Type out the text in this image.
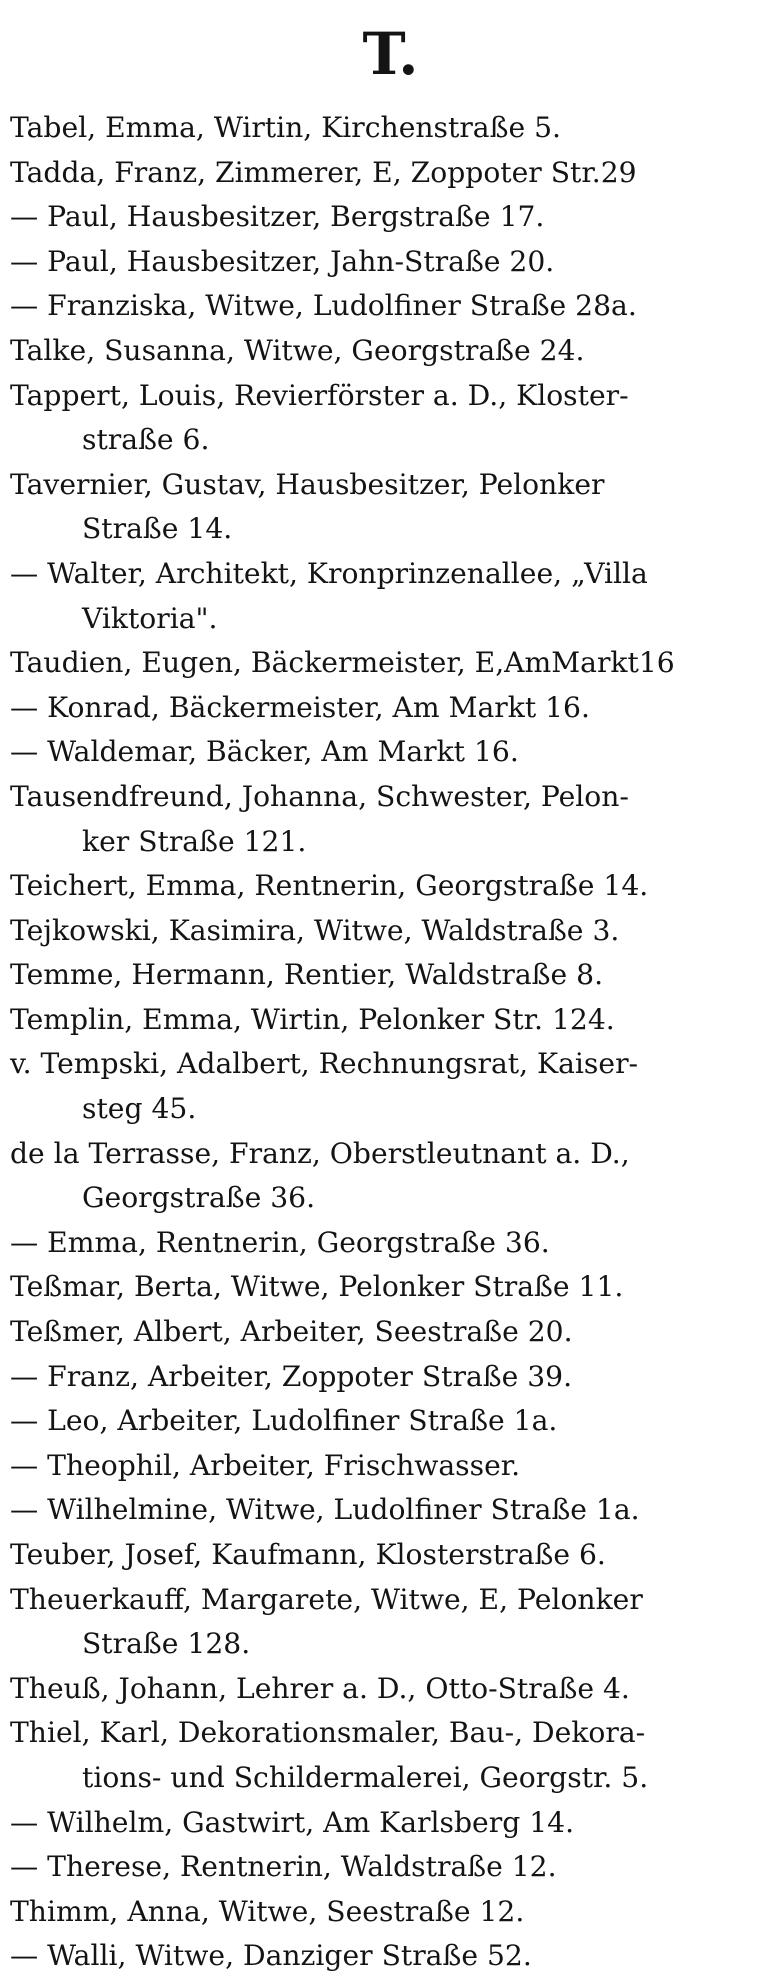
T.
Tabel, Emma, Wirtin, Kirchenstraße 5.
Tadda, Franz, Zimmerer, E, Zoppoter Str.29
— Paul, Hausbesitzer, Bergstraße 17.
— Paul, Hausbesitzer, Jahn-Straße 20.
— Franziska, Witwe, Ludolfiner Straße 28a.
Talke, Susanna, Witwe, Georgstraße 24.
Tappert, Louis, Revierförster a. D., Kloster-
straße 6.
Tavernier, Gustav, Hausbesitzer, Pelonker
Straße 14.
— Walter, Architekt, Kronprinzenallee, „Villa
Viktoria".
Taudien, Eugen, Bäckermeister, E,AmMarkt16
— Konrad, Bäckermeister, Am Markt 16.
— Waldemar, Bäcker, Am Markt 16.
Tausendfreund, Johanna, Schwester, Pelon-
ker Straße 121.
Teichert, Emma, Rentnerin, Georgstraße 14.
Tejkowski, Kasimira, Witwe, Waldstraße 3.
Temme, Hermann, Rentier, Waldstraße 8.
Templin, Emma, Wirtin, Pelonker Str. 124.
v. Tempski, Adalbert, Rechnungsrat, Kaiser-
steg 45.
de la Terrasse, Franz, Oberstleutnant a. D.,
Georgstraße 36.
— Emma, Rentnerin, Georgstraße 36.
Teßmar, Berta, Witwe, Pelonker Straße 11.
Teßmer, Albert, Arbeiter, Seestraße 20.
— Franz, Arbeiter, Zoppoter Straße 39.
— Leo, Arbeiter, Ludolfiner Straße 1a.
— Theophil, Arbeiter, Frischwasser.
— Wilhelmine, Witwe, Ludolfiner Straße 1a.
Teuber, Josef, Kaufmann, Klosterstraße 6.
Theuerkauff, Margarete, Witwe, E, Pelonker
Straße 128.
Theuß, Johann, Lehrer a. D., Otto-Straße 4.
Thiel, Karl, Dekorationsmaler, Bau-, Dekora-
tions- und Schildermalerei, Georgstr. 5.
— Wilhelm, Gastwirt, Am Karlsberg 14.
— Therese, Rentnerin, Waldstraße 12.
Thimm, Anna, Witwe, Seestraße 12.
— Walli, Witwe, Danziger Straße 52.
